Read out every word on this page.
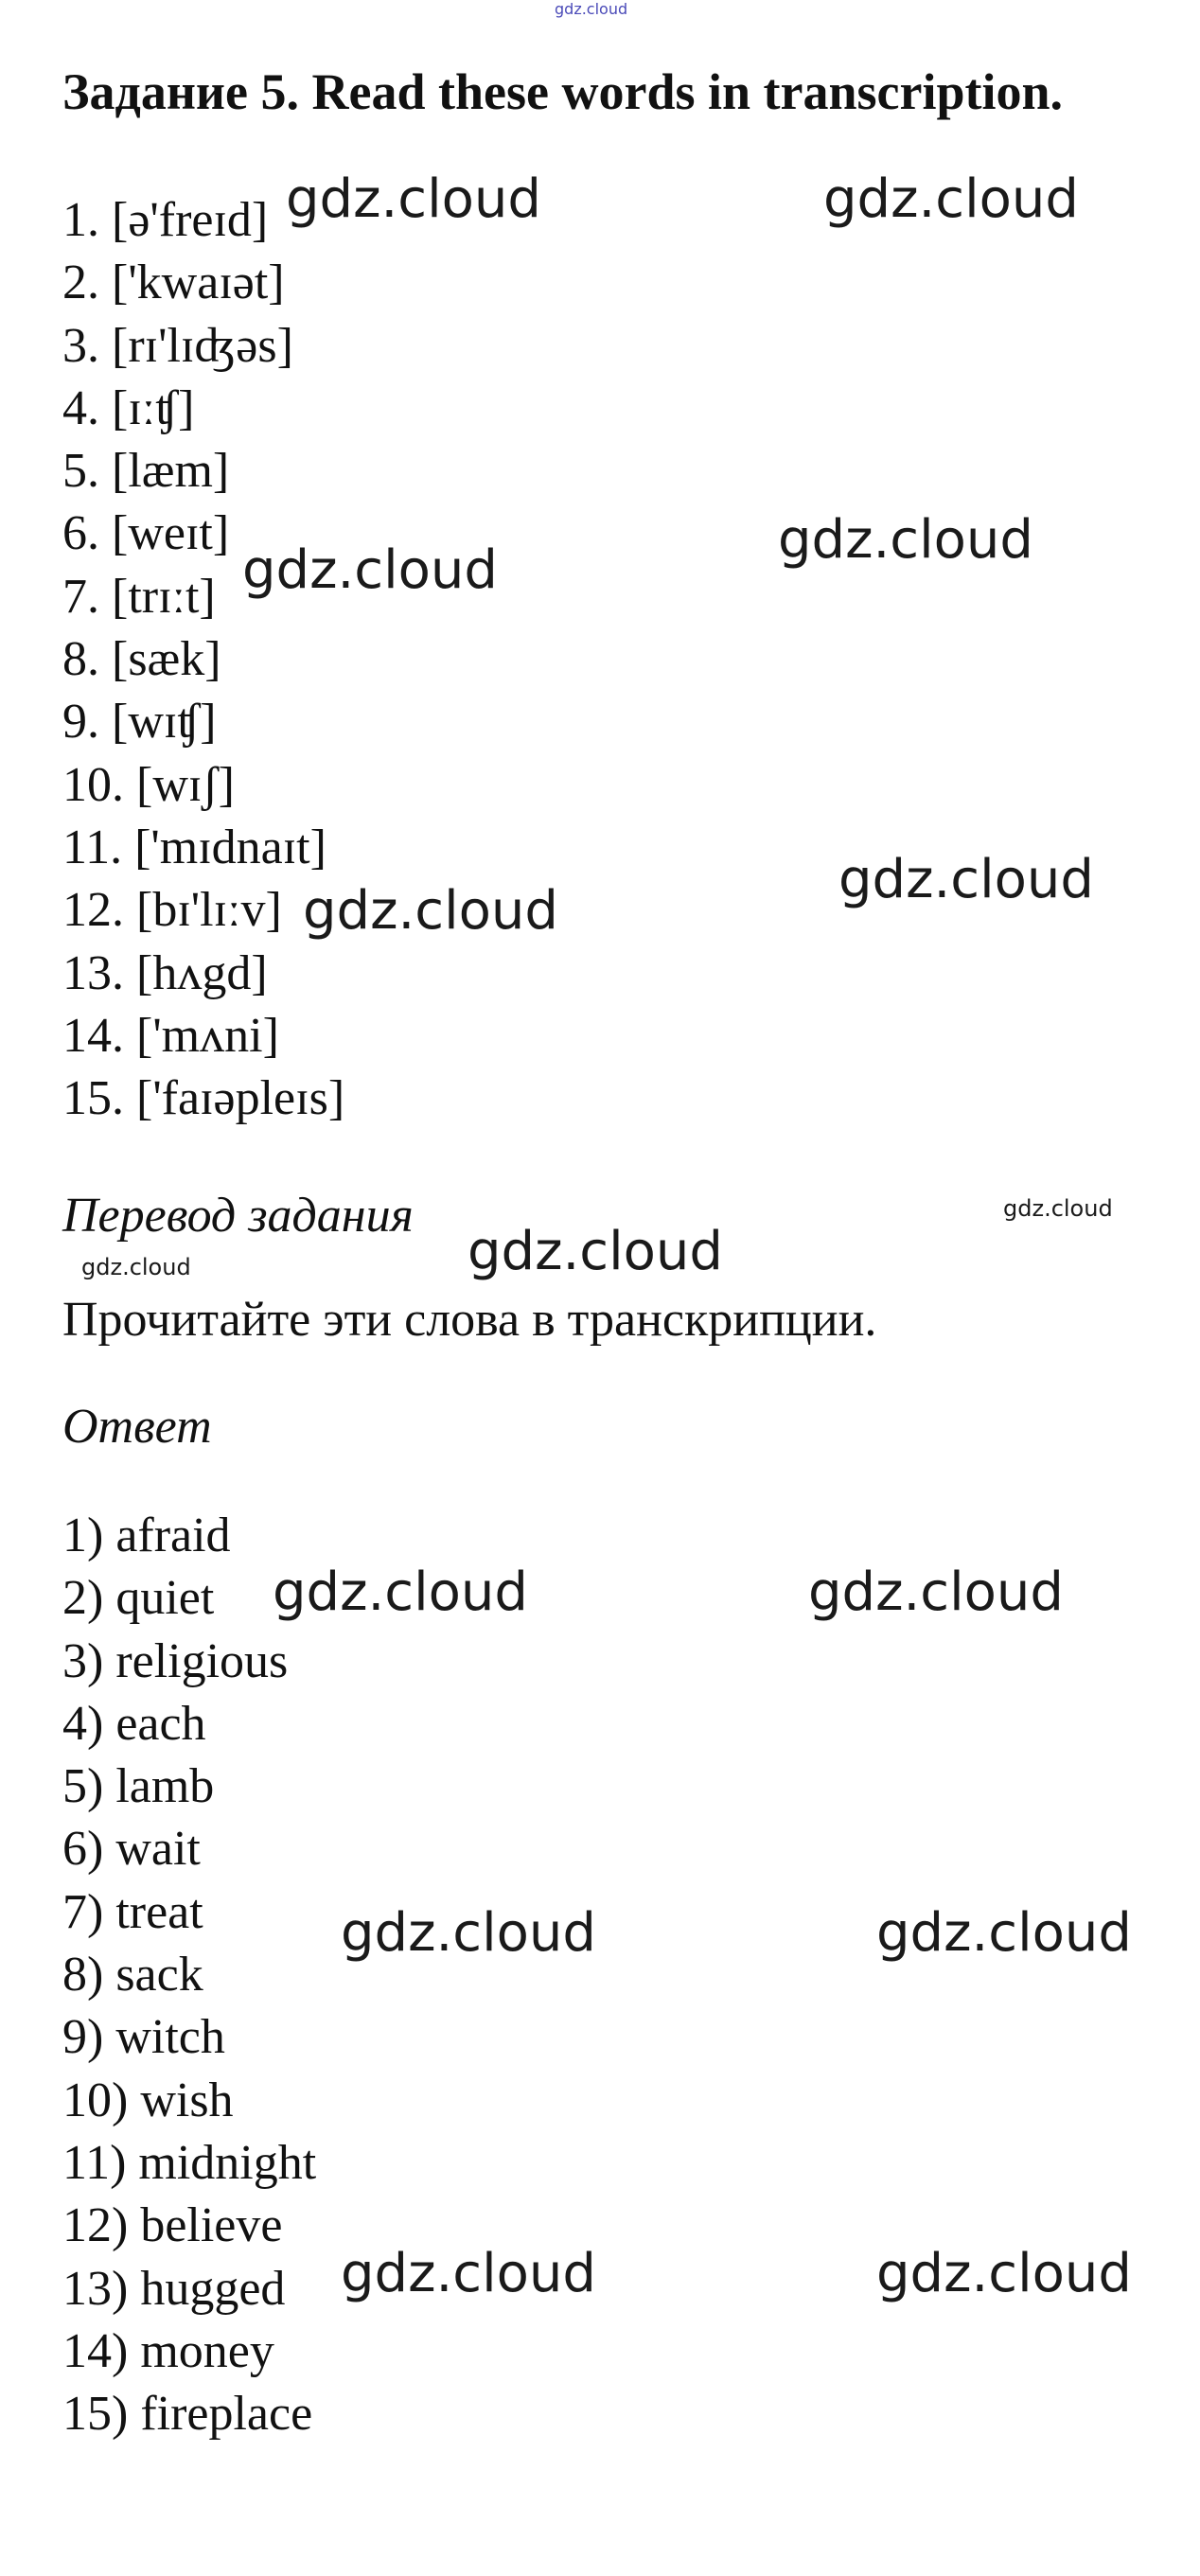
gdz.cloud
Задание 5. Read these words in transcription.
1. [ə'freɪd]
2. ['kwaɪət]
3. [rɪ'lɪʤəs]
4. [ɪːʧ]
5. [læm]
6. [weɪt]
7. [trɪːt]
8. [sæk]
9. [wɪʧ]
10. [wɪʃ]
11. ['mɪdnaɪt]
12. [bɪ'lɪːv]
13. [hʌgd]
14. ['mʌni]
15. ['faɪəpleɪs]
Перевод задания
Прочитайте эти слова в транскрипции.
Ответ
1) afraid
2) quiet
3) religious
4) each
5) lamb
6) wait
7) treat
8) sack
9) witch
10) wish
11) midnight
12) believe
13) hugged
14) money
15) fireplace
gdz.cloud	gdz.cloud
gdz.cloud	gdz.cloud
gdz.cloud
gdz.cloud
gdz.cloud
gdz.cloud	gdz.cloud
gdz.cloud	gdz.cloud
gdz.cloud	gdz.cloud
gdz.cloud	gdz.cloud
